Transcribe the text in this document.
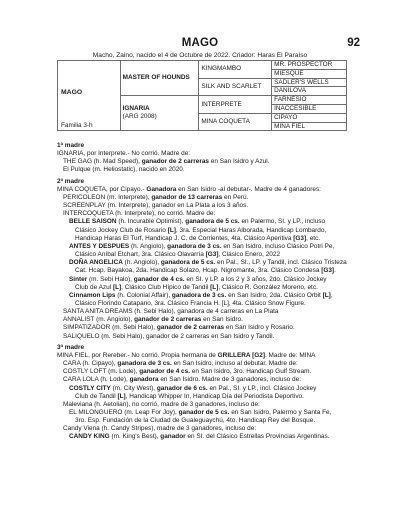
MAGO	92
Macho, Zaino, nacido el 4 de Octubre de 2022. Criador: Haras El Paraíso
MAGO
Familia 3-h	MASTER OF HOUNDS	KINGMAMBO	MR. PROSPECTOR
			MIESQUE
		SILK AND SCARLET	SADLER'S WELLS
			DANILOVA
	IGNARIA
(ARG 2008)	INTERPRETE	FARNESIO
			INACCESIBLE
		MINA COQUETA	CIPAYO
			MINA FIEL

1ª madre

IGNARIA, por Interprete.- No corrió. Madre de:

THE GAG (h. Mad Speed), ganador de 2 carreras en San Isidro y Azul.

El Pulque (m. Heliostatic), nacido en 2020.

2ª madre

MINA COQUETA, por Cipayo.- Ganadora en San Isidro -al debutar-. Madre de 4 ganadores:

PERICOLEON (m. Interprete), ganador de 13 carreras en Perú.

SCREENPLAY (m. Interprete), ganador en La Plata a los 3 años.

INTERCOQUETA (h. Interprete), no corrió. Madre de:

BELLE SAISON (h. Incurable Optimist), ganadora de 5 cs. en Palermo, SI. y LP., incluso

Clásico Jockey Club de Rosario [L], 3ra. Especial Haras Alborada, Handicap Lombardo,

Handicap Haras El Turf, Handicap J. C. de Corrientes, 4ta. Clásico Aperitiva [G3], etc.

ANTES Y DESPUES (h. Angiolo), ganadora de 3 cs. en San Isidro, incluso Clásico Potri Pe,

Clásico Aníbal Etchart, 3ra. Clásico Olavarría [G3], Clásico Enero, 2022

DOÑA ANGELICA (h. Angiolo), ganadora de 5 cs. en Pal., SI., LP. y Tandil, incl. Clásico Tristeza

Cat. Hcap. Bayakoa, 2da. Handicap Solazo, Hcap. Nigromante, 3ra. Clásico Condesa [G3].

Sinter (m. Sebi Halo), ganador de 4 cs. en SI. y LP. a los 2 y 3 años, 2do. Clásico Jockey

Club de Azul [L], Clásico Club Hípico de Tandil [L], Clásico R. González Moreno, etc.

Cinnamon Lips (h. Colonial Affair), ganadora de 3 cs. en San Isidro, 2da. Clásico Orbit [L],

Clásico Florindo Catapano, 3ra. Clásico Francia H. [L], 4ta. Clásico Snow Figure.

SANTA ANITA DREAMS (h. Sebi Halo), ganadora de 4 carreras en La Plata

ANNALIST (m. Angiolo), ganador de 2 carreras en San Isidro.

SIMPATIZADOR (m. Sebi Halo), ganador de 2 carreras en San Isidro y Rosario.

SALIQUELO (m. Sebi Halo), ganador de 2 carreras en San Isidro y Tandil.

3ª madre

MINA FIEL, por Rereber.- No corrió. Propia hermana de GRILLERA [G2]. Madre de: MINA

CARA (h. Cipayo), ganadora de 3 cs. en San Isidro, incluso al debutar. Madre de:

COSTLY LOFT (m. Lode), ganador de 4 cs. en San Isidro, 3ro. Handicap Gulf Stream.

CARA LOLA (h. Lode), ganadora en San Isidro. Madre de 3 ganadores, incluso de:

COSTLY CITY (m. City West), ganador de 6 cs. en Pal., SI. y LP., incl. Clásico Jockey

Club de Tandil [L], Handicap Whipper In, Handicap Día del Periodista Deportivo.

Maleviana (h. Aetolian), no corrió, madre de 3 ganadores, incluso de:

EL MILONGUERO (m. Leap For Joy), ganador de 5 cs. en San Isidro, Palermo y Santa Fe,

3ro. Esp. Fundación de la Ciudad de Gualeguaychú, 4to. Handicap Rey del Bosque.

Candy Viena (h. Candy Stripes), madre de 3 ganadores, incluso de:

CANDY KING (m. King's Best), ganador en SI. del Clásico Estrellas Provincias Argentinas.
